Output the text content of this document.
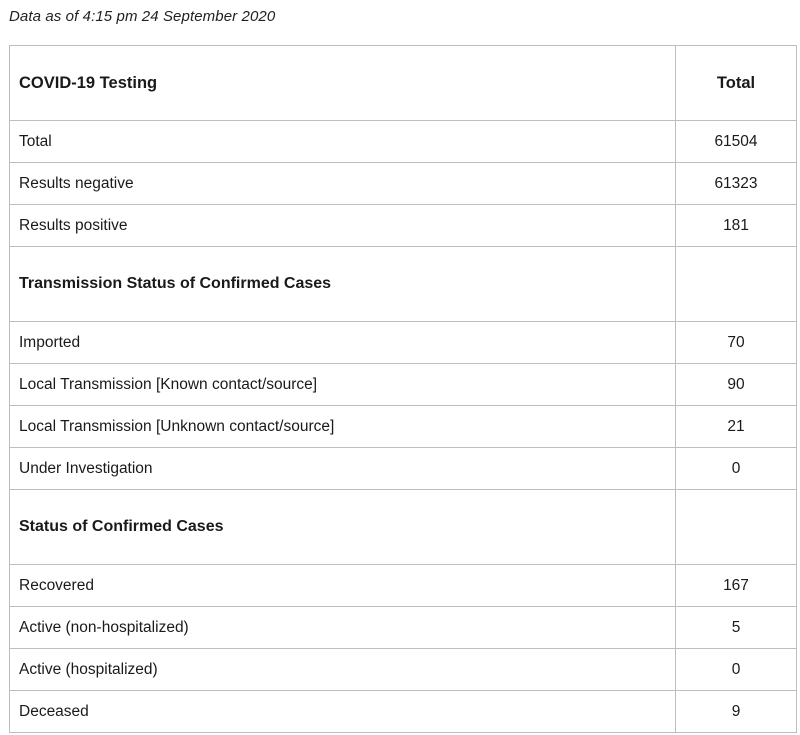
Data as of 4:15 pm 24 September 2020
COVID-19 Testing	Total
Total	61504
Results negative	61323
Results positive	181
Transmission Status of Confirmed Cases	
Imported	70
Local Transmission [Known contact/source]	90
Local Transmission [Unknown contact/source]	21
Under Investigation	0
Status of Confirmed Cases	
Recovered	167
Active (non-hospitalized)	5
Active (hospitalized)	0
Deceased	9
